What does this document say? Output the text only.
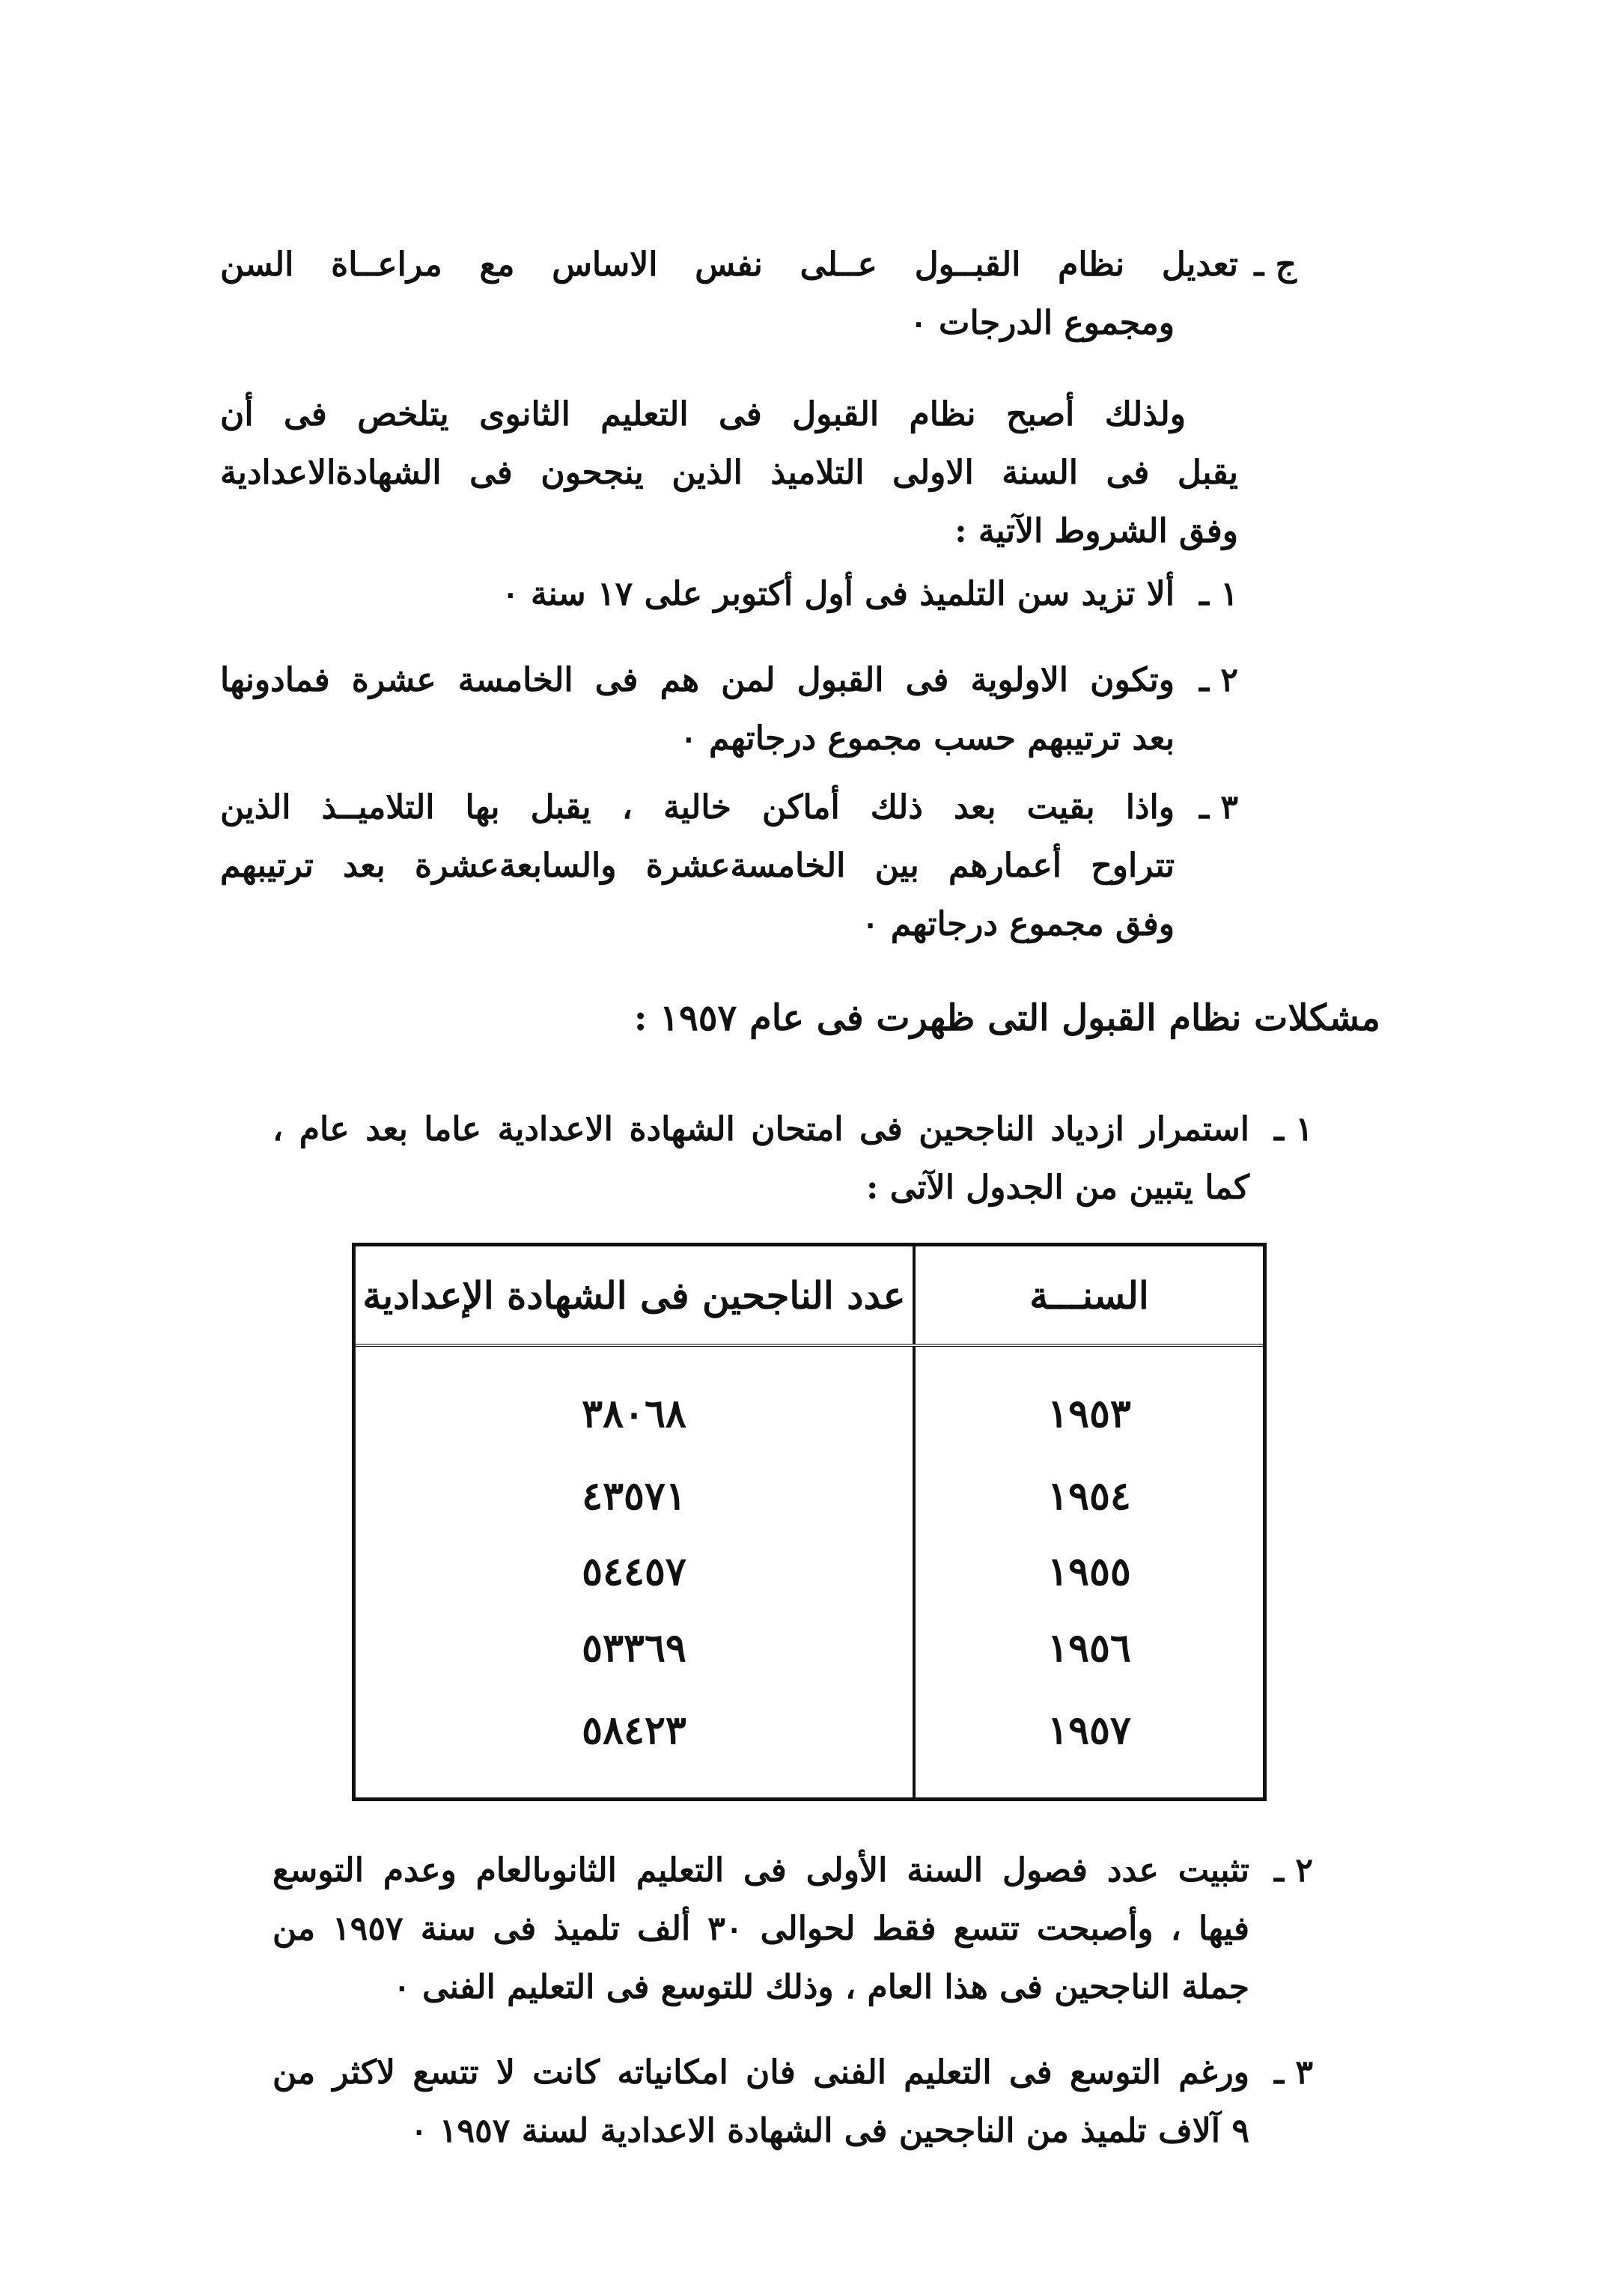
ج ـ
تعديل نظام القبــول عــلى نفس الاساس مع مراعــاة السن
ومجموع الدرجات ٠
ولذلك أصبح نظام القبول فى التعليم الثانوى يتلخص فى أن
يقبل فى السنة الاولى التلاميذ الذين ينجحون فى الشهادةالاعدادية
وفق الشروط الآتية :
١ ـ
ألا تزيد سن التلميذ فى أول أكتوبر على ١٧ سنة ٠
٢ ـ
وتكون الاولوية فى القبول لمن هم فى الخامسة عشرة فمادونها
بعد ترتيبهم حسب مجموع درجاتهم ٠
٣ ـ
واذا بقيت بعد ذلك أماكن خالية ، يقبل بها التلاميــذ الذين
تتراوح أعمارهم بين الخامسةعشرة والسابعةعشرة بعد ترتيبهم
وفق مجموع درجاتهم ٠
مشكلات نظام القبول التى ظهرت فى عام ١٩٥٧ :
١ ـ
استمرار ازدياد الناجحين فى امتحان الشهادة الاعدادية عاما بعد عام ،
كما يتبين من الجدول الآتى :
السنـــة	عدد الناجحين فى الشهادة الإعدادية
١٩٥٣	٣٨٠٦٨
١٩٥٤	٤٣٥٧١
١٩٥٥	٥٤٤٥٧
١٩٥٦	٥٣٣٦٩
١٩٥٧	٥٨٤٢٣
٢ ـ
تثبيت عدد فصول السنة الأولى فى التعليم الثانوىالعام وعدم التوسع
فيها ، وأصبحت تتسع فقط لحوالى ٣٠ ألف تلميذ فى سنة ١٩٥٧ من
جملة الناجحين فى هذا العام ، وذلك للتوسع فى التعليم الفنى ٠
٣ ـ
ورغم التوسع فى التعليم الفنى فان امكانياته كانت لا تتسع لاكثر من
٩ آلاف تلميذ من الناجحين فى الشهادة الاعدادية لسنة ١٩٥٧ ٠
